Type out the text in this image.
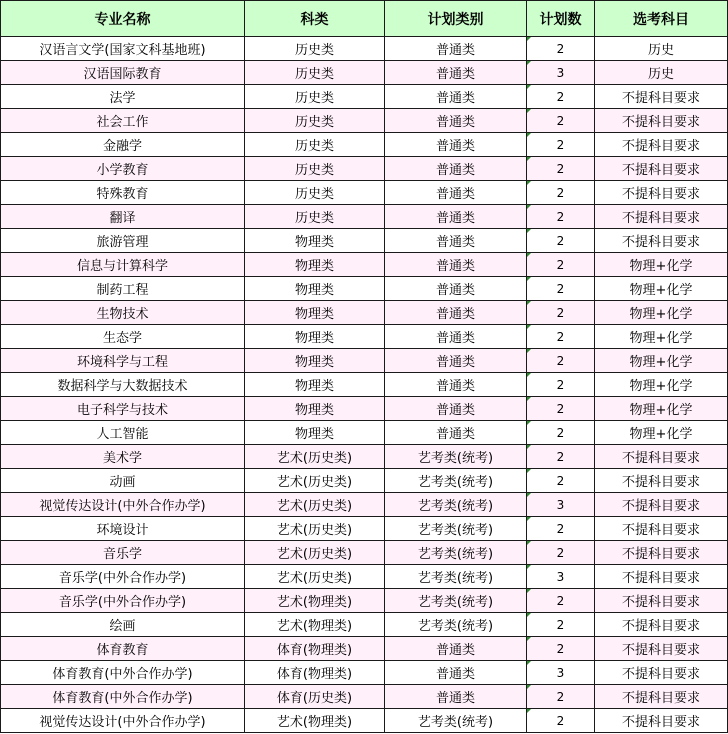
专业名称	科类	计划类别	计划数	选考科目
汉语言文学(国家文科基地班)	历史类	普通类	2	历史
汉语国际教育	历史类	普通类	3	历史
法学	历史类	普通类	2	不提科目要求
社会工作	历史类	普通类	2	不提科目要求
金融学	历史类	普通类	2	不提科目要求
小学教育	历史类	普通类	2	不提科目要求
特殊教育	历史类	普通类	2	不提科目要求
翻译	历史类	普通类	2	不提科目要求
旅游管理	物理类	普通类	2	不提科目要求
信息与计算科学	物理类	普通类	2	物理+化学
制药工程	物理类	普通类	2	物理+化学
生物技术	物理类	普通类	2	物理+化学
生态学	物理类	普通类	2	物理+化学
环境科学与工程	物理类	普通类	2	物理+化学
数据科学与大数据技术	物理类	普通类	2	物理+化学
电子科学与技术	物理类	普通类	2	物理+化学
人工智能	物理类	普通类	2	物理+化学
美术学	艺术(历史类)	艺考类(统考)	2	不提科目要求
动画	艺术(历史类)	艺考类(统考)	2	不提科目要求
视觉传达设计(中外合作办学)	艺术(历史类)	艺考类(统考)	3	不提科目要求
环境设计	艺术(历史类)	艺考类(统考)	2	不提科目要求
音乐学	艺术(历史类)	艺考类(统考)	2	不提科目要求
音乐学(中外合作办学)	艺术(历史类)	艺考类(统考)	3	不提科目要求
音乐学(中外合作办学)	艺术(物理类)	艺考类(统考)	2	不提科目要求
绘画	艺术(物理类)	艺考类(统考)	2	不提科目要求
体育教育	体育(物理类)	普通类	2	不提科目要求
体育教育(中外合作办学)	体育(物理类)	普通类	3	不提科目要求
体育教育(中外合作办学)	体育(历史类)	普通类	2	不提科目要求
视觉传达设计(中外合作办学)	艺术(物理类)	艺考类(统考)	2	不提科目要求
